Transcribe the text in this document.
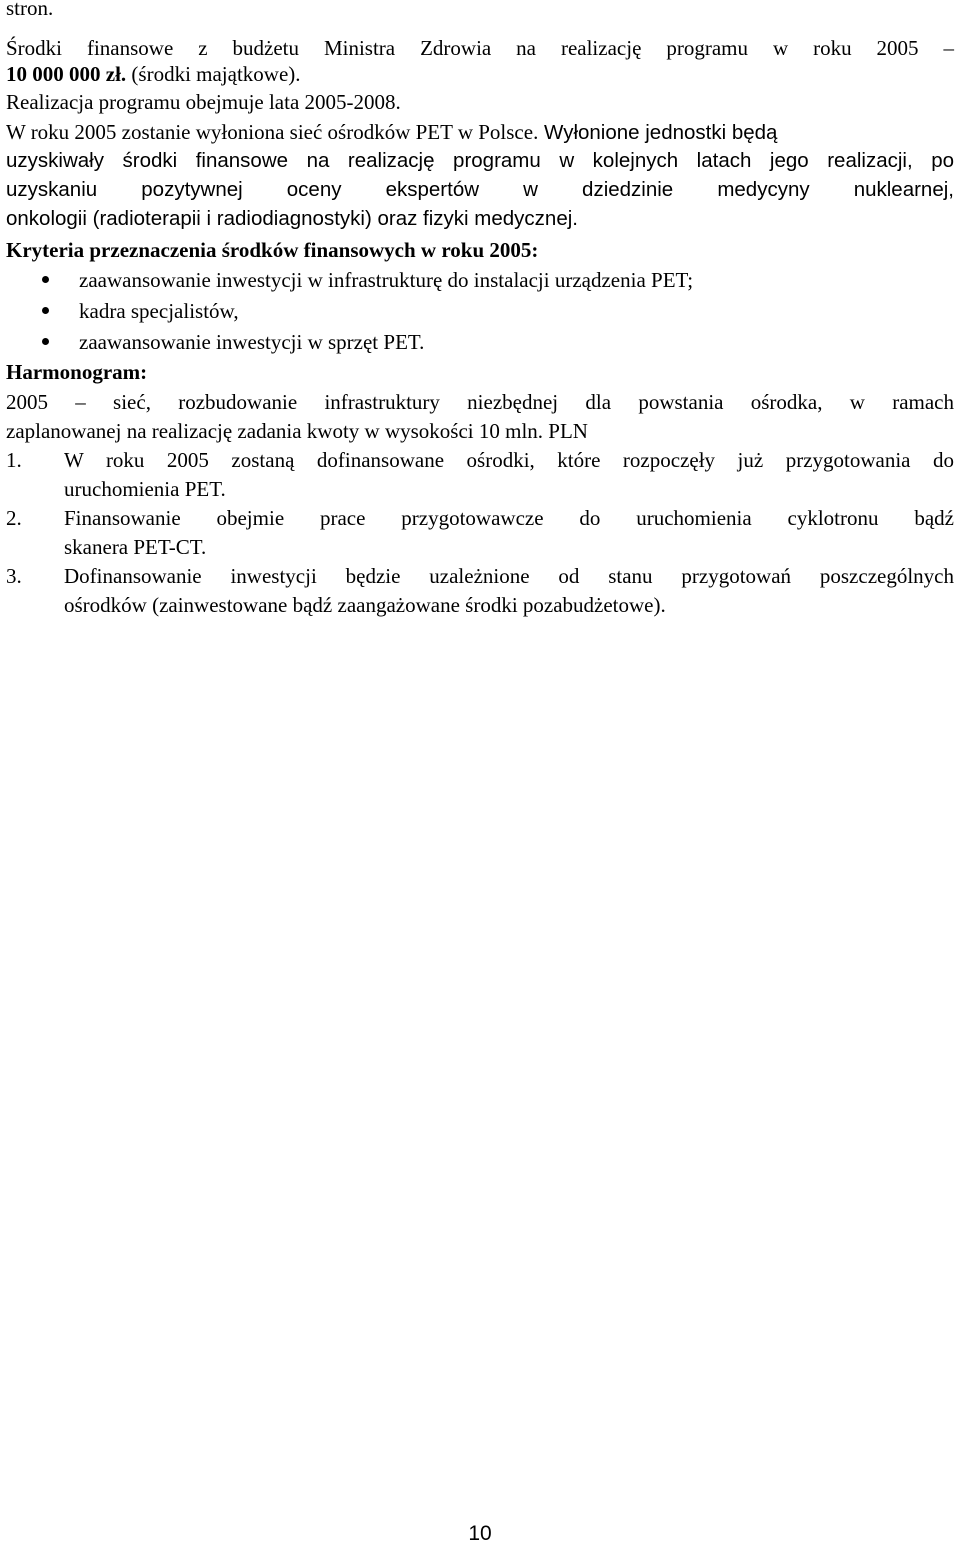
stron.
Środki finansowe z budżetu Ministra Zdrowia na realizację programu w roku 2005 –
10 000 000 zł. (środki majątkowe).
Realizacja programu obejmuje lata 2005-2008.
W roku 2005 zostanie wyłoniona sieć ośrodków PET w Polsce. Wyłonione jednostki będą
uzyskiwały środki finansowe na realizację programu w kolejnych latach jego realizacji, po
uzyskaniu pozytywnej oceny ekspertów w dziedzinie medycyny nuklearnej,
onkologii (radioterapii i radiodiagnostyki) oraz fizyki medycznej.
Kryteria przeznaczenia środków finansowych w roku 2005:
zaawansowanie inwestycji w infrastrukturę do instalacji urządzenia PET;
kadra specjalistów,
zaawansowanie inwestycji w sprzęt PET.
Harmonogram:
2005 – sieć, rozbudowanie infrastruktury niezbędnej dla powstania ośrodka, w ramach
zaplanowanej na realizację zadania kwoty w wysokości 10 mln. PLN
1. W roku 2005 zostaną dofinansowane ośrodki, które rozpoczęły już przygotowania do
uruchomienia PET.
2. Finansowanie obejmie prace przygotowawcze do uruchomienia cyklotronu bądź
skanera PET-CT.
3. Dofinansowanie inwestycji będzie uzależnione od stanu przygotowań poszczególnych
ośrodków (zainwestowane bądź zaangażowane środki pozabudżetowe).
10
